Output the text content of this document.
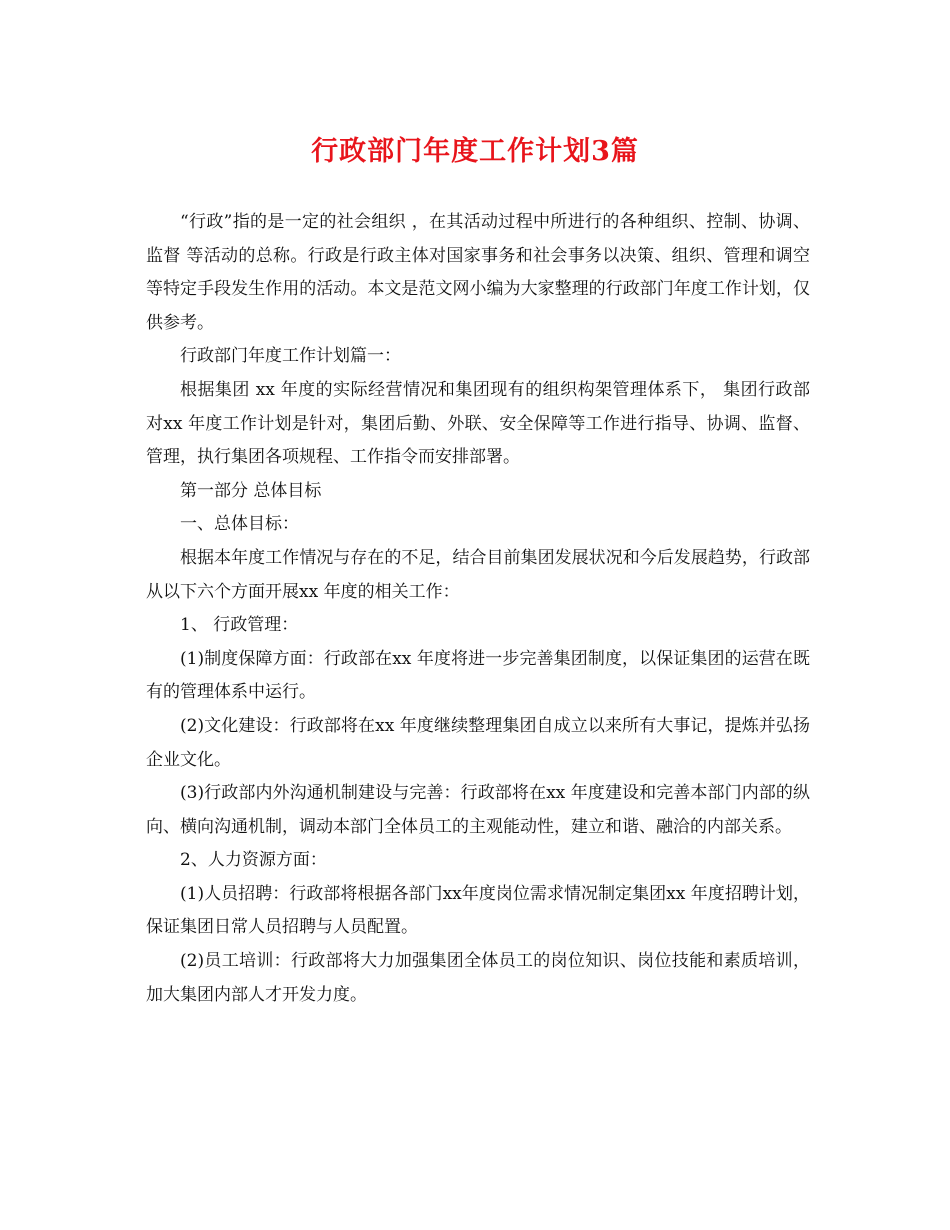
行政部门年度工作计划3篇

“行政”指的是一定的社会组织 ，在其活动过程中所进行的各种组织、控制、协调、监督 等活动的总称。行政是行政主体对国家事务和社会事务以决策、组织、管理和调空等特定手段发生作用的活动。本文是范文网小编为大家整理的行政部门年度工作计划，仅供参考。

行政部门年度工作计划篇一：

根据集团 xx 年度的实际经营情况和集团现有的组织构架管理体系下， 集团行政部对xx 年度工作计划是针对，集团后勤、外联、安全保障等工作进行指导、协调、监督、 管理，执行集团各项规程、工作指令而安排部署。

第一部分 总体目标

一、总体目标：

根据本年度工作情况与存在的不足，结合目前集团发展状况和今后发展趋势，行政部从以下六个方面开展xx 年度的相关工作：

1、 行政管理：

(1)制度保障方面：行政部在xx 年度将进一步完善集团制度，以保证集团的运营在既有的管理体系中运行。

(2)文化建设：行政部将在xx 年度继续整理集团自成立以来所有大事记，提炼并弘扬企业文化。

(3)行政部内外沟通机制建设与完善：行政部将在xx 年度建设和完善本部门内部的纵向、横向沟通机制，调动本部门全体员工的主观能动性，建立和谐、融洽的内部关系。

2、人力资源方面：

(1)人员招聘：行政部将根据各部门xx年度岗位需求情况制定集团xx 年度招聘计划，保证集团日常人员招聘与人员配置。

(2)员工培训：行政部将大力加强集团全体员工的岗位知识、岗位技能和素质培训， 加大集团内部人才开发力度。
